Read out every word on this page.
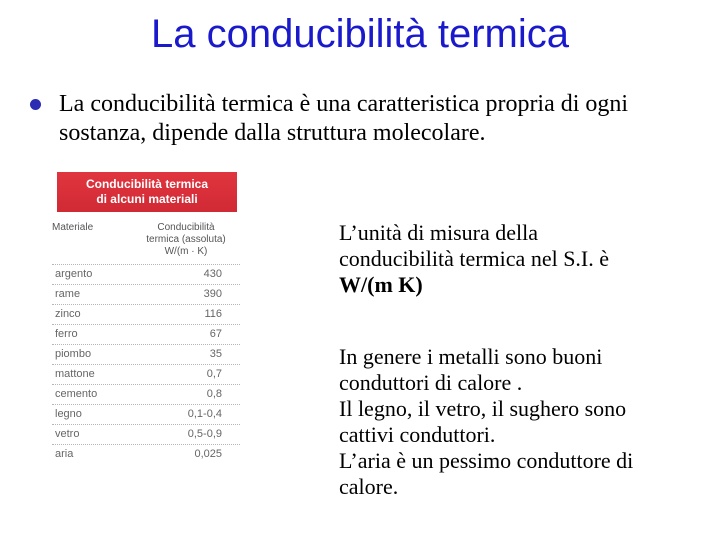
La conducibilità termica
La conducibilità termica è una caratteristica propria di ogni sostanza, dipende dalla struttura molecolare.
Conducibilità termica
di alcuni materiali
Materiale	Conducibilità
termica (assoluta)
W/(m · K)
argento	430
rame	390
zinco	116
ferro	67
piombo	35
mattone	0,7
cemento	0,8
legno	0,1-0,4
vetro	0,5-0,9
aria	0,025
L’unità di misura della
conducibilità termica nel S.I. è
W/(m K)
In genere i metalli sono buoni
conduttori di calore .
Il legno, il vetro, il sughero sono
cattivi conduttori.
L’aria è un pessimo conduttore di
calore.
